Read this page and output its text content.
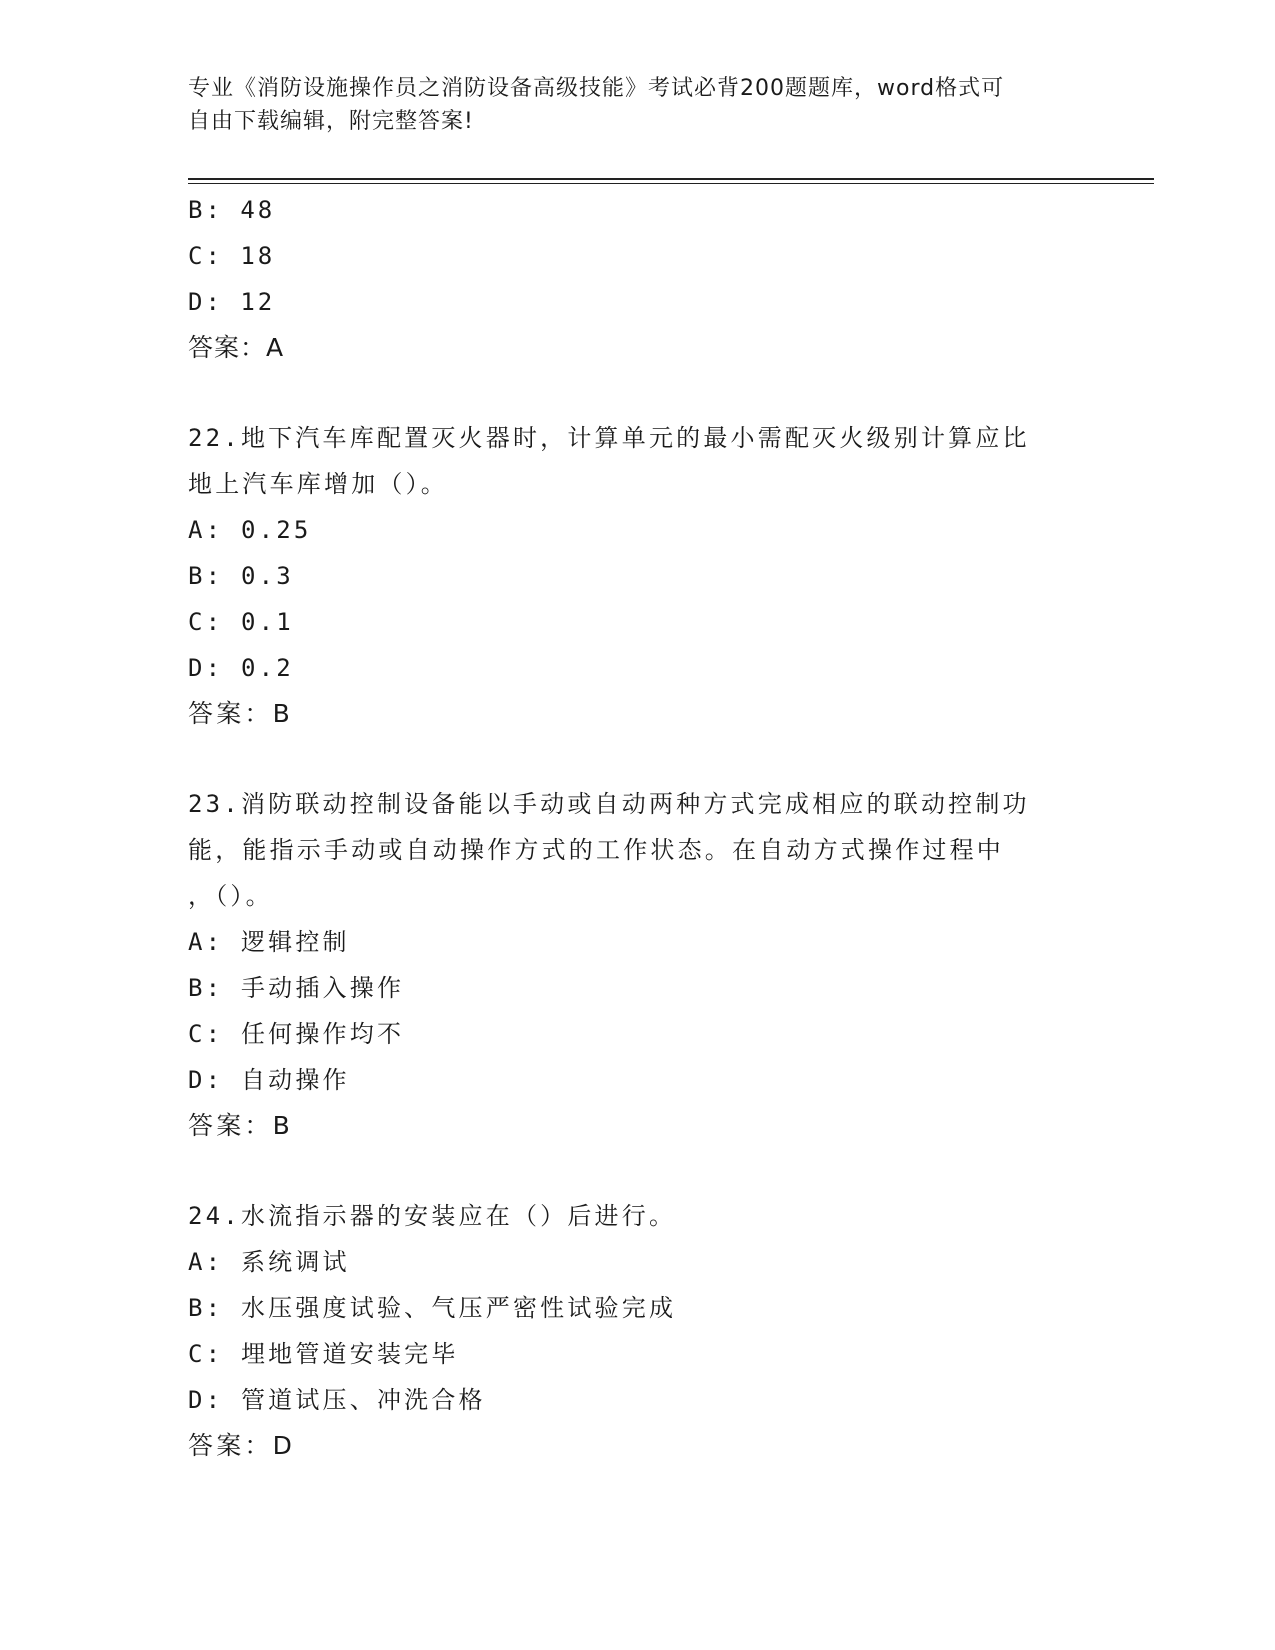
专业《消防设施操作员之消防设备高级技能》考试必背200题题库，word格式可
自由下载编辑，附完整答案!
B: 48
C: 18
D: 12
答案：A
22.地下汽车库配置灭火器时，计算单元的最小需配灭火级别计算应比
地上汽车库增加（）。
A: 0.25
B: 0.3
C: 0.1
D: 0.2
答案：B
23.消防联动控制设备能以手动或自动两种方式完成相应的联动控制功
能，能指示手动或自动操作方式的工作状态。在自动方式操作过程中
，（）。
A: 逻辑控制
B: 手动插入操作
C: 任何操作均不
D: 自动操作
答案：B
24.水流指示器的安装应在（）后进行。
A: 系统调试
B: 水压强度试验、气压严密性试验完成
C: 埋地管道安装完毕
D: 管道试压、冲洗合格
答案：D
